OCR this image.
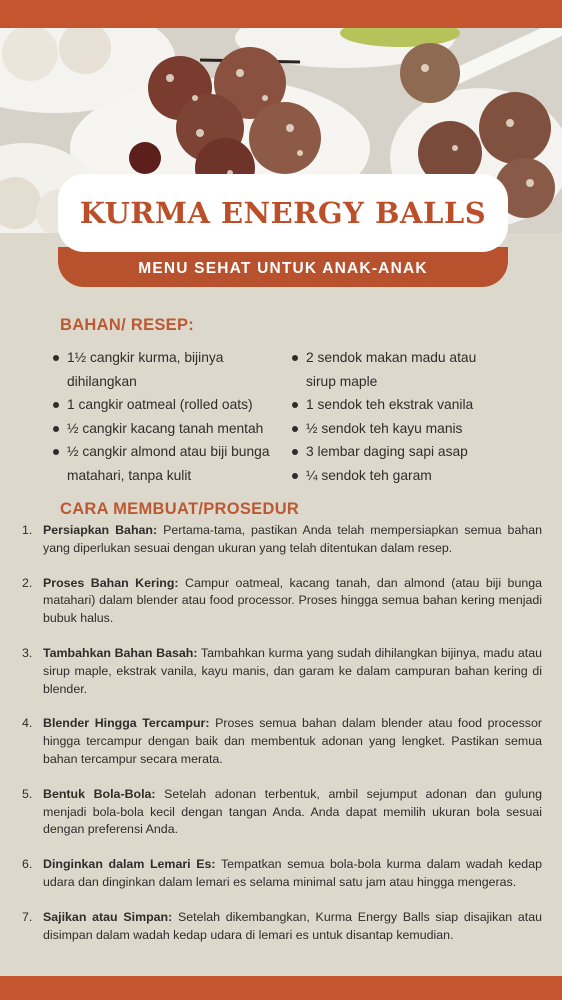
KURMA ENERGY BALLS
MENU SEHAT UNTUK ANAK-ANAK
BAHAN/ RESEP:
1½ cangkir kurma, bijinya dihilangkan
1 cangkir oatmeal (rolled oats)
½ cangkir kacang tanah mentah
½ cangkir almond atau biji bunga matahari, tanpa kulit
2 sendok makan madu atau sirup maple
1 sendok teh ekstrak vanila
½ sendok teh kayu manis
3 lembar daging sapi asap
¼ sendok teh garam
CARA MEMBUAT/PROSEDUR
1. Persiapkan Bahan: Pertama-tama, pastikan Anda telah mempersiapkan semua bahan yang diperlukan sesuai dengan ukuran yang telah ditentukan dalam resep.
2. Proses Bahan Kering: Campur oatmeal, kacang tanah, dan almond (atau biji bunga matahari) dalam blender atau food processor. Proses hingga semua bahan kering menjadi bubuk halus.
3. Tambahkan Bahan Basah: Tambahkan kurma yang sudah dihilangkan bijinya, madu atau sirup maple, ekstrak vanila, kayu manis, dan garam ke dalam campuran bahan kering di blender.
4. Blender Hingga Tercampur: Proses semua bahan dalam blender atau food processor hingga tercampur dengan baik dan membentuk adonan yang lengket. Pastikan semua bahan tercampur secara merata.
5. Bentuk Bola-Bola: Setelah adonan terbentuk, ambil sejumput adonan dan gulung menjadi bola-bola kecil dengan tangan Anda. Anda dapat memilih ukuran bola sesuai dengan preferensi Anda.
6. Dinginkan dalam Lemari Es: Tempatkan semua bola-bola kurma dalam wadah kedap udara dan dinginkan dalam lemari es selama minimal satu jam atau hingga mengeras.
7. Sajikan atau Simpan: Setelah dikembangkan, Kurma Energy Balls siap disajikan atau disimpan dalam wadah kedap udara di lemari es untuk disantap kemudian.
